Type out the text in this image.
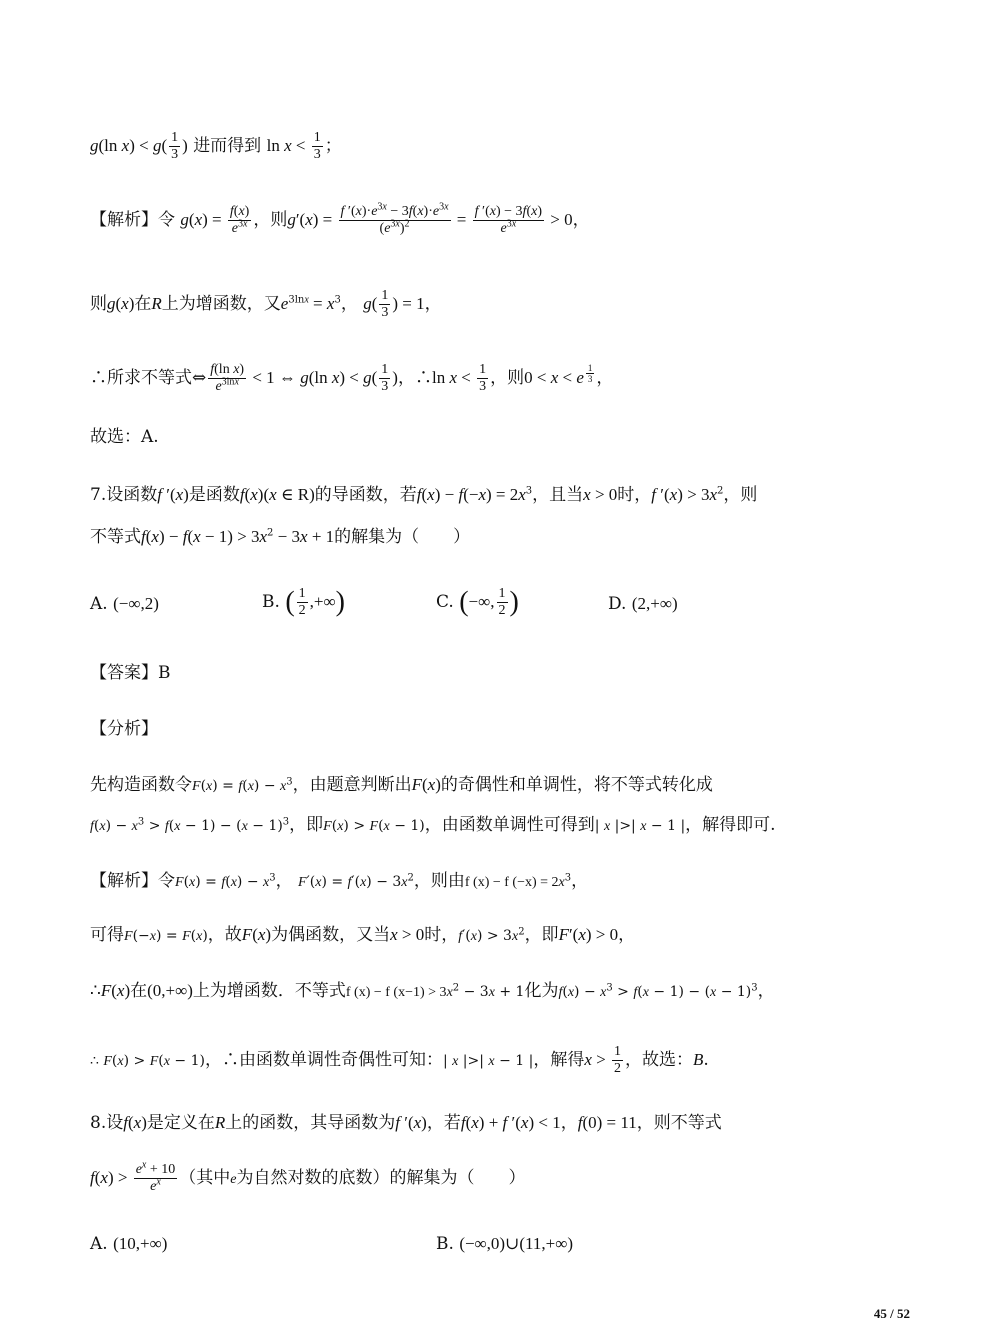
g(ln $x) < g( \frac{1}{3}$ ) 进而得到 $\ln x < \frac{1}{3}$ ；
【解析】令 $g(x) = \frac{f(x)}{e^{3x}}$ ，则$g'(x) = \frac{f '(x)\cdot e^{3x} - 3f(x)\cdot e^{3x}}{(e^{3x})^2} = \frac{f '(x) - 3f(x)}{e^{3x}} > 0$，
则g(x)在R上为增函数，又$e^{3lnx} = x^3$， $g( \frac{1}{3}$ ) = 1，
∴所求不等式⇔ $\frac{\text{f(ln x)}}{e^{3lnx}} < 1$ ⇔ g(ln $x) < g( \frac{1}{3}$ )，∴ln $x < \frac{1}{3}$ ，则0 < x < e $^{\frac{1}{3}}$ ，
故选：A.
7.设函数f ′(x)是函数f(x)(x ∈ R)的导函数，若$f(x) - f(-x) = 2x^3$，且当x > 0时，f $'(x) > 3x^2$，则
不等式$f(x) - f(x - 1) > 3x^2 - 3x + 1$的解集为（　　）
A. (−∞,2)	B. ( $\frac{1}{2}$ ,+∞)	C. (−∞, $\frac{1}{2}$ )	D. (2,+∞)
【答案】B
【分析】
先构造函数令$F(x) = f(x) - x^3$，由题意判断出F(x)的奇偶性和单调性，将不等式转化成
$f(x) - x^3 > f(x - 1) - (x - 1)^3$，即F(x) > F(x − 1)，由函数单调性可得到| x |>| x − 1 |，解得即可.
【解析】令$F(x) = f(x) - x^3$， $F'(x) = f'(x) - 3x^2$，则由f (x) − f $(-x) = 2x^3$，
可得F(−x) = F(x)，故F(x)为偶函数，又当x > 0时，$f'(x) > 3x^2$，即F′(x) > 0，
∴F(x)在(0,+∞)上为增函数．不等式f (x) − f $(x-1) > 3x^2 - 3x + 1$化为$f(x) - x^3 > f(x - 1) - (x - 1)^3$，
∴ F(x) > F(x − 1)，∴由函数单调性奇偶性可知：| x |>| x − 1 |，解得$x > \frac{1}{2}$ ，故选：B.
8.设f(x)是定义在R上的函数，其导函数为f ′(x)，若f(x) + f ′(x) < 1，f(0) = 11，则不等式
$f(x) > \frac{e^x + 10}{e^x}$ （其中e为自然对数的底数）的解集为（　　）
A. (10,+∞)	B. (−∞,0)∪(11,+∞)
45 / 52
